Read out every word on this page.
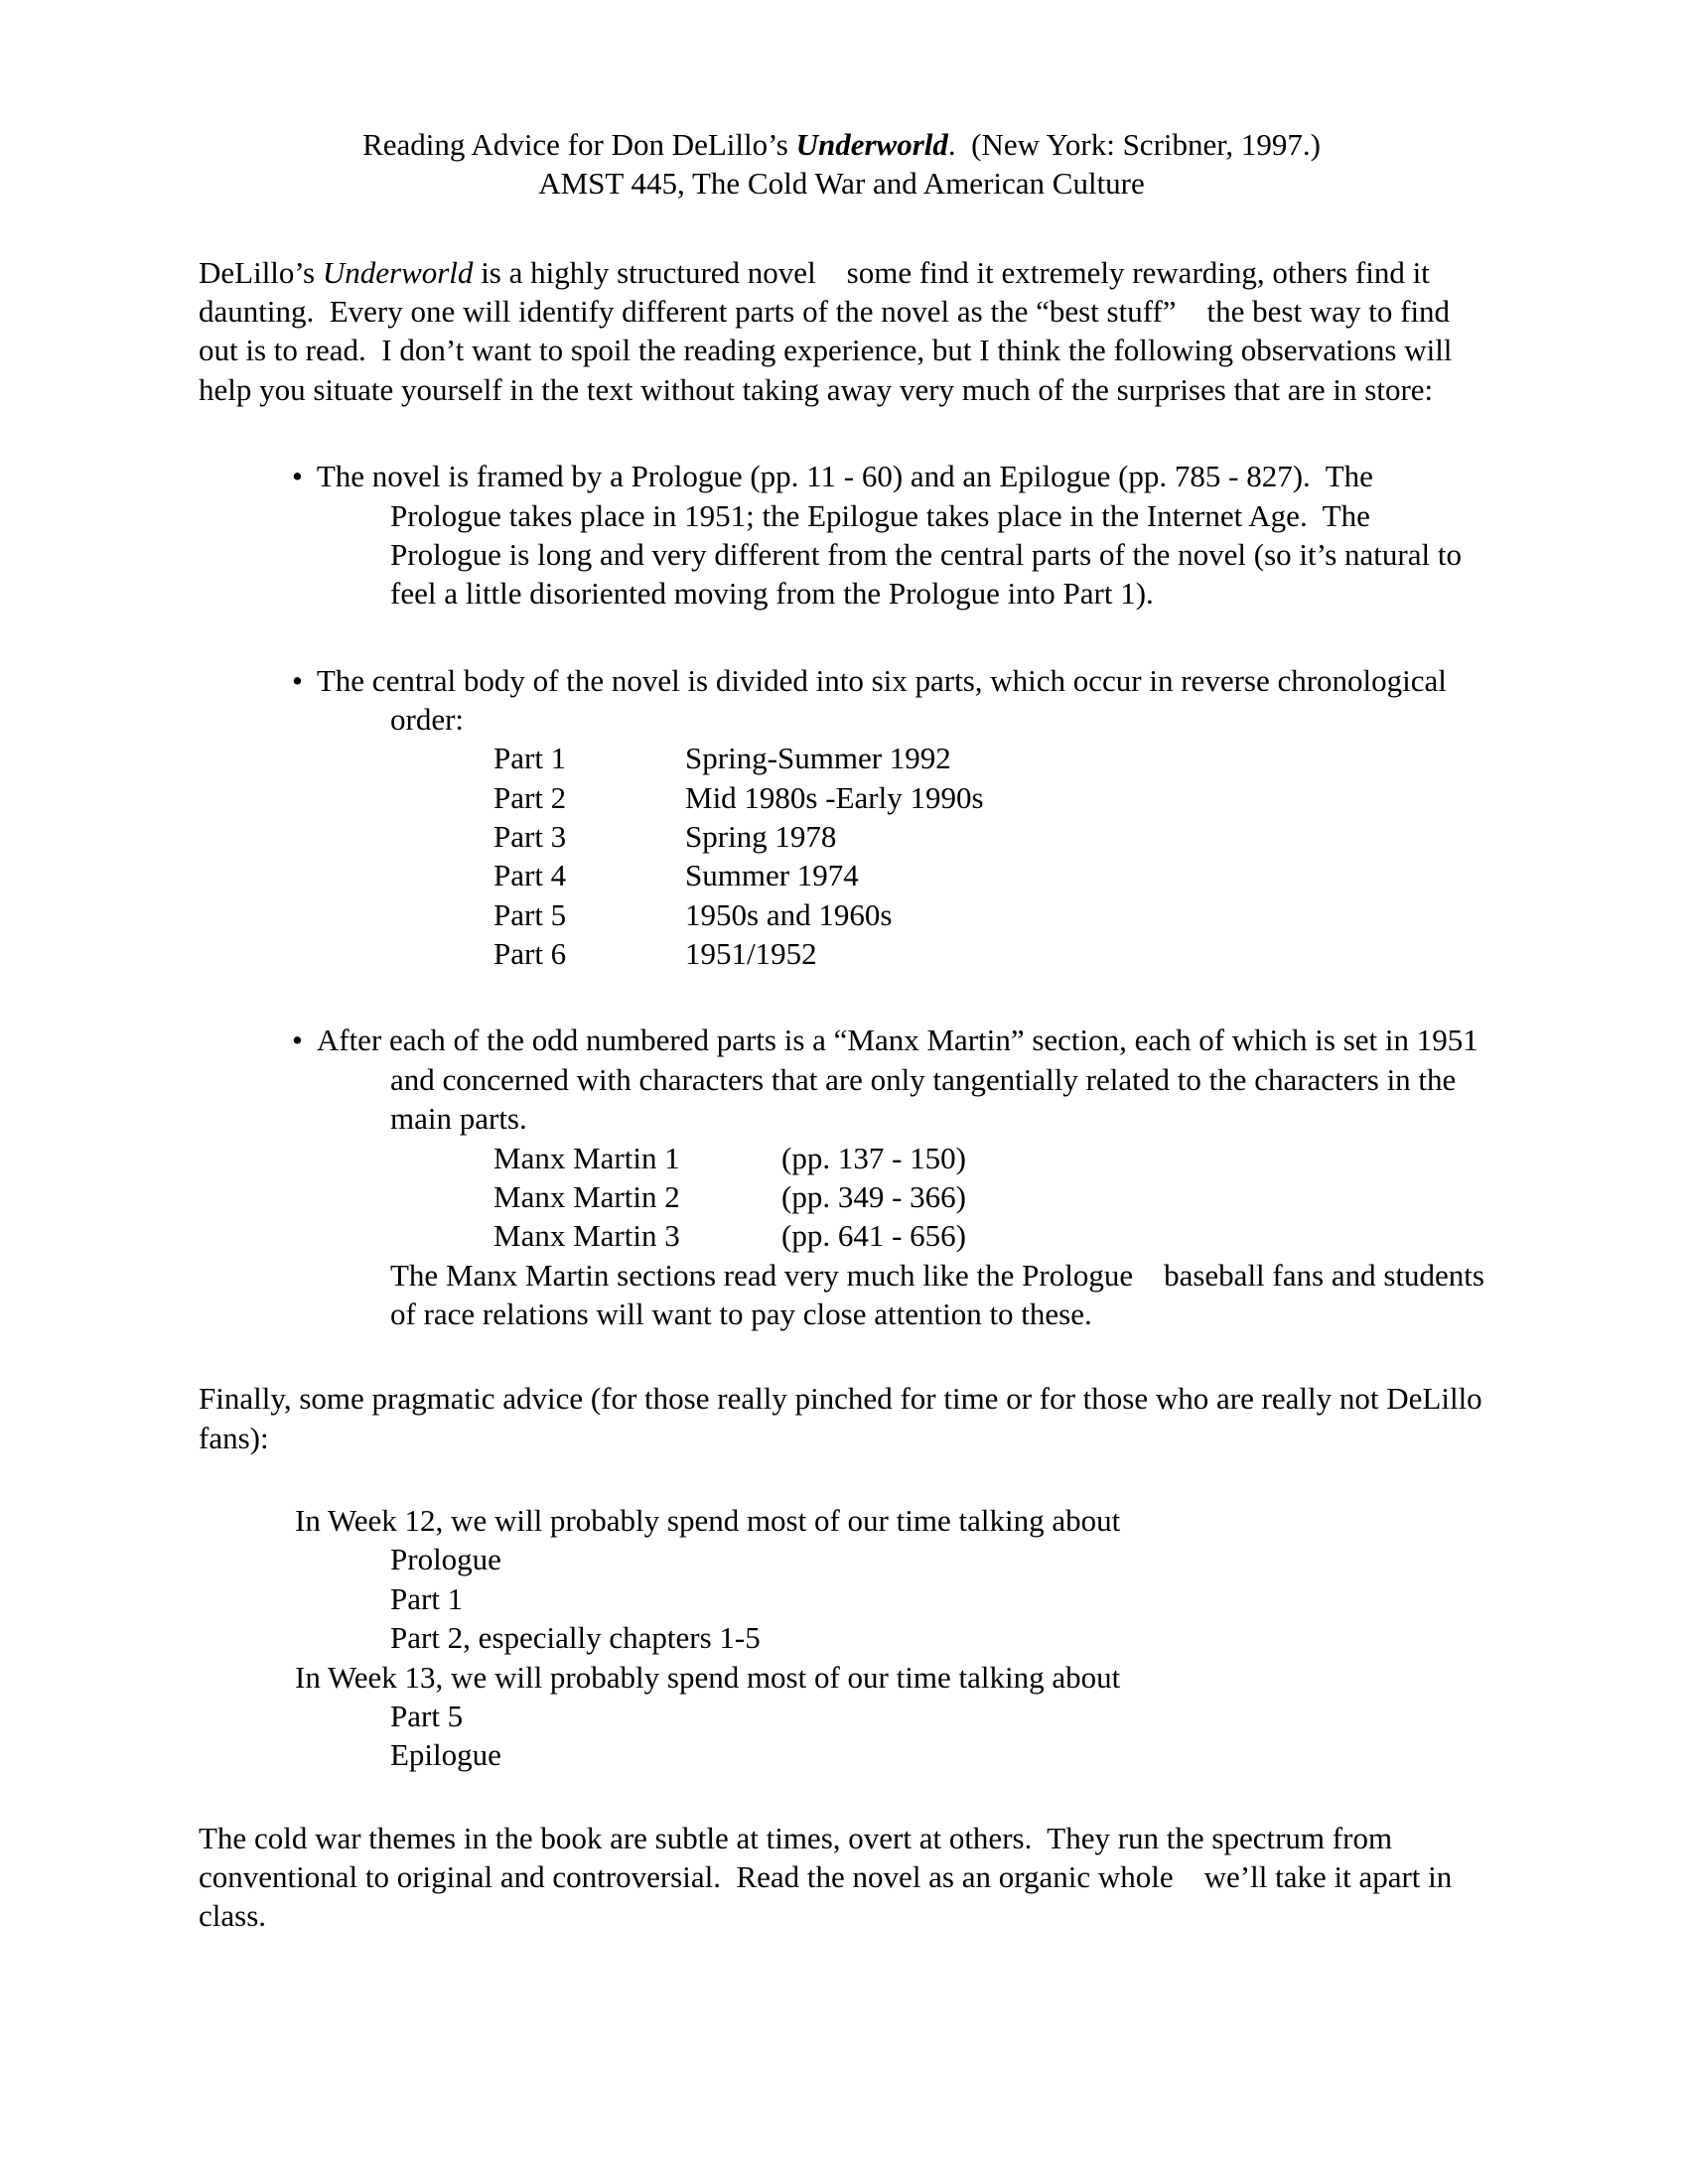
Reading Advice for Don DeLillo’s Underworld.  (New York: Scribner, 1997.)

AMST 445, The Cold War and American Culture

DeLillo’s Underworld is a highly structured novel    some find it extremely rewarding, others find it daunting.  Every one will identify different parts of the novel as the “best stuff”    the best way to find out is to read.  I don’t want to spoil the reading experience, but I think the following observations will help you situate yourself in the text without taking away very much of the surprises that are in store:

• The novel is framed by a Prologue (pp. 11 - 60) and an Epilogue (pp. 785 - 827).  The Prologue takes place in 1951; the Epilogue takes place in the Internet Age.  The Prologue is long and very different from the central parts of the novel (so it’s natural to feel a little disoriented moving from the Prologue into Part 1).

• The central body of the novel is divided into six parts, which occur in reverse chronological order:

Part 1	Spring-Summer 1992
Part 2	Mid 1980s -Early 1990s
Part 3	Spring 1978
Part 4	Summer 1974
Part 5	1950s and 1960s
Part 6	1951/1952

• After each of the odd numbered parts is a “Manx Martin” section, each of which is set in 1951 and concerned with characters that are only tangentially related to the characters in the main parts.

Manx Martin 1	(pp. 137 - 150)
Manx Martin 2	(pp. 349 - 366)
Manx Martin 3	(pp. 641 - 656)

The Manx Martin sections read very much like the Prologue    baseball fans and students of race relations will want to pay close attention to these.

Finally, some pragmatic advice (for those really pinched for time or for those who are really not DeLillo fans):

In Week 12, we will probably spend most of our time talking about

Prologue

Part 1

Part 2, especially chapters 1-5

In Week 13, we will probably spend most of our time talking about

Part 5

Epilogue

The cold war themes in the book are subtle at times, overt at others.  They run the spectrum from conventional to original and controversial.  Read the novel as an organic whole    we’ll take it apart in class.
